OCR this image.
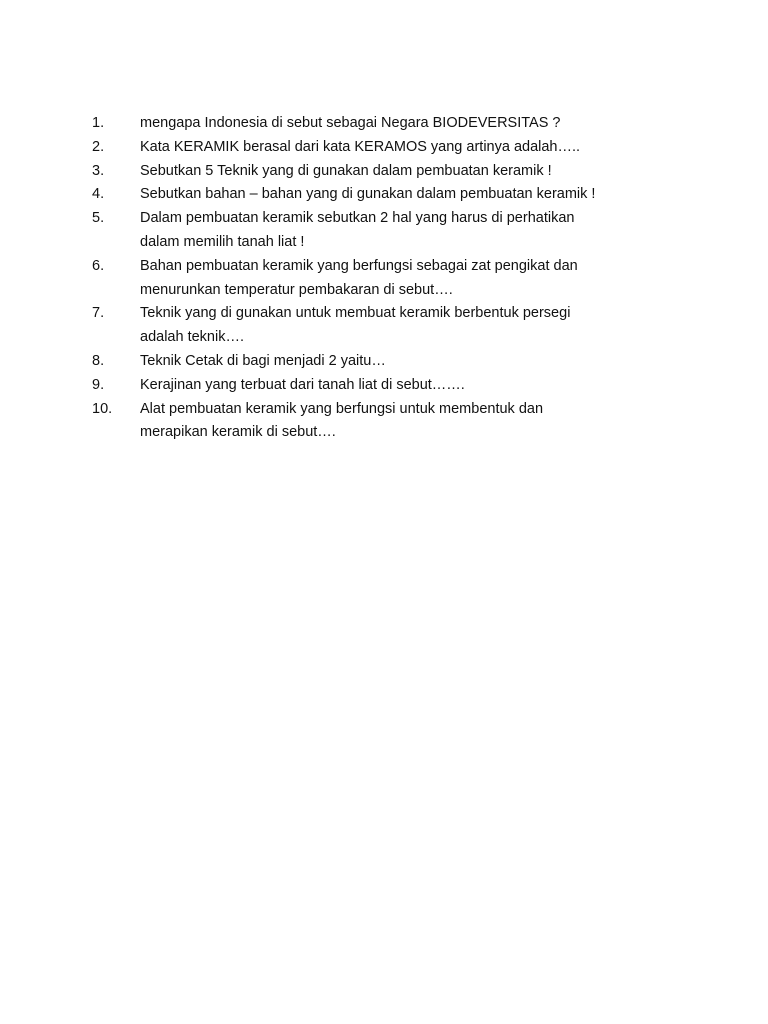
1.	mengapa Indonesia di sebut sebagai Negara BIODEVERSITAS ?
2.	Kata KERAMIK berasal dari kata KERAMOS yang artinya adalah…..
3.	Sebutkan 5 Teknik yang di gunakan dalam pembuatan keramik !
4.	Sebutkan bahan – bahan yang di gunakan dalam pembuatan keramik !
5.	Dalam pembuatan keramik sebutkan 2 hal yang harus di perhatikan
dalam memilih tanah liat !
6.	Bahan pembuatan keramik yang berfungsi sebagai zat pengikat dan
menurunkan temperatur pembakaran di sebut….
7.	Teknik yang di gunakan untuk membuat keramik berbentuk persegi
adalah teknik….
8.	Teknik Cetak di bagi menjadi 2 yaitu…
9.	Kerajinan yang terbuat dari tanah liat di sebut…….
10.	Alat pembuatan keramik yang berfungsi untuk membentuk dan
merapikan keramik di sebut….
